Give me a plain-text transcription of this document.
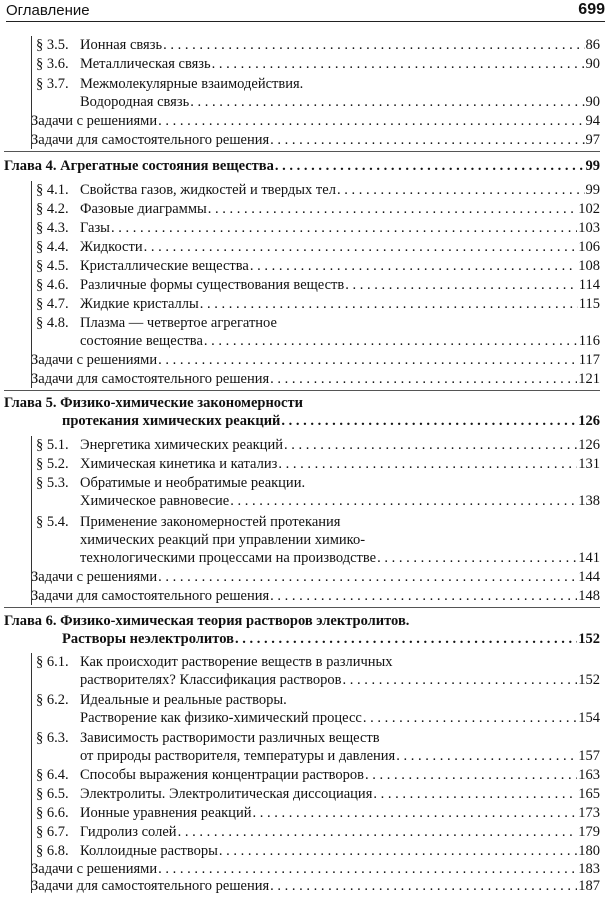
Оглавление	699
§ 3.5. Ионная связь . . .	86
§ 3.6. Металлическая связь . . .	90
§ 3.7. Межмолекулярные взаимодействия.
Водородная связь . . .	90
Задачи с решениями . . .	94
Задачи для самостоятельного решения . . .	97
Глава 4. Агрегатные состояния вещества . . .	99
§ 4.1. Свойства газов, жидкостей и твердых тел . . .	99
§ 4.2. Фазовые диаграммы . . .	102
§ 4.3. Газы . . .	103
§ 4.4. Жидкости . . .	106
§ 4.5. Кристаллические вещества . . .	108
§ 4.6. Различные формы существования веществ . . .	114
§ 4.7. Жидкие кристаллы . . .	115
§ 4.8. Плазма — четвертое агрегатное
состояние вещества . . .	116
Задачи с решениями . . .	117
Задачи для самостоятельного решения . . .	121
Глава 5. Физико-химические закономерности
протекания химических реакций . . .	126
§ 5.1. Энергетика химических реакций . . .	126
§ 5.2. Химическая кинетика и катализ . . .	131
§ 5.3. Обратимые и необратимые реакции.
Химическое равновесие . . .	138
§ 5.4. Применение закономерностей протекания
химических реакций при управлении химико-
технологическими процессами на производстве . . .	141
Задачи с решениями . . .	144
Задачи для самостоятельного решения . . .	148
Глава 6. Физико-химическая теория растворов электролитов.
Растворы неэлектролитов . . .	152
§ 6.1. Как происходит растворение веществ в различных
растворителях? Классификация растворов . . .	152
§ 6.2. Идеальные и реальные растворы.
Растворение как физико-химический процесс . . .	154
§ 6.3. Зависимость растворимости различных веществ
от природы растворителя, температуры и давления . . .	157
§ 6.4. Способы выражения концентрации растворов . . .	163
§ 6.5. Электролиты. Электролитическая диссоциация . . .	165
§ 6.6. Ионные уравнения реакций . . .	173
§ 6.7. Гидролиз солей . . .	179
§ 6.8. Коллоидные растворы . . .	180
Задачи с решениями . . .	183
Задачи для самостоятельного решения . . .	187
